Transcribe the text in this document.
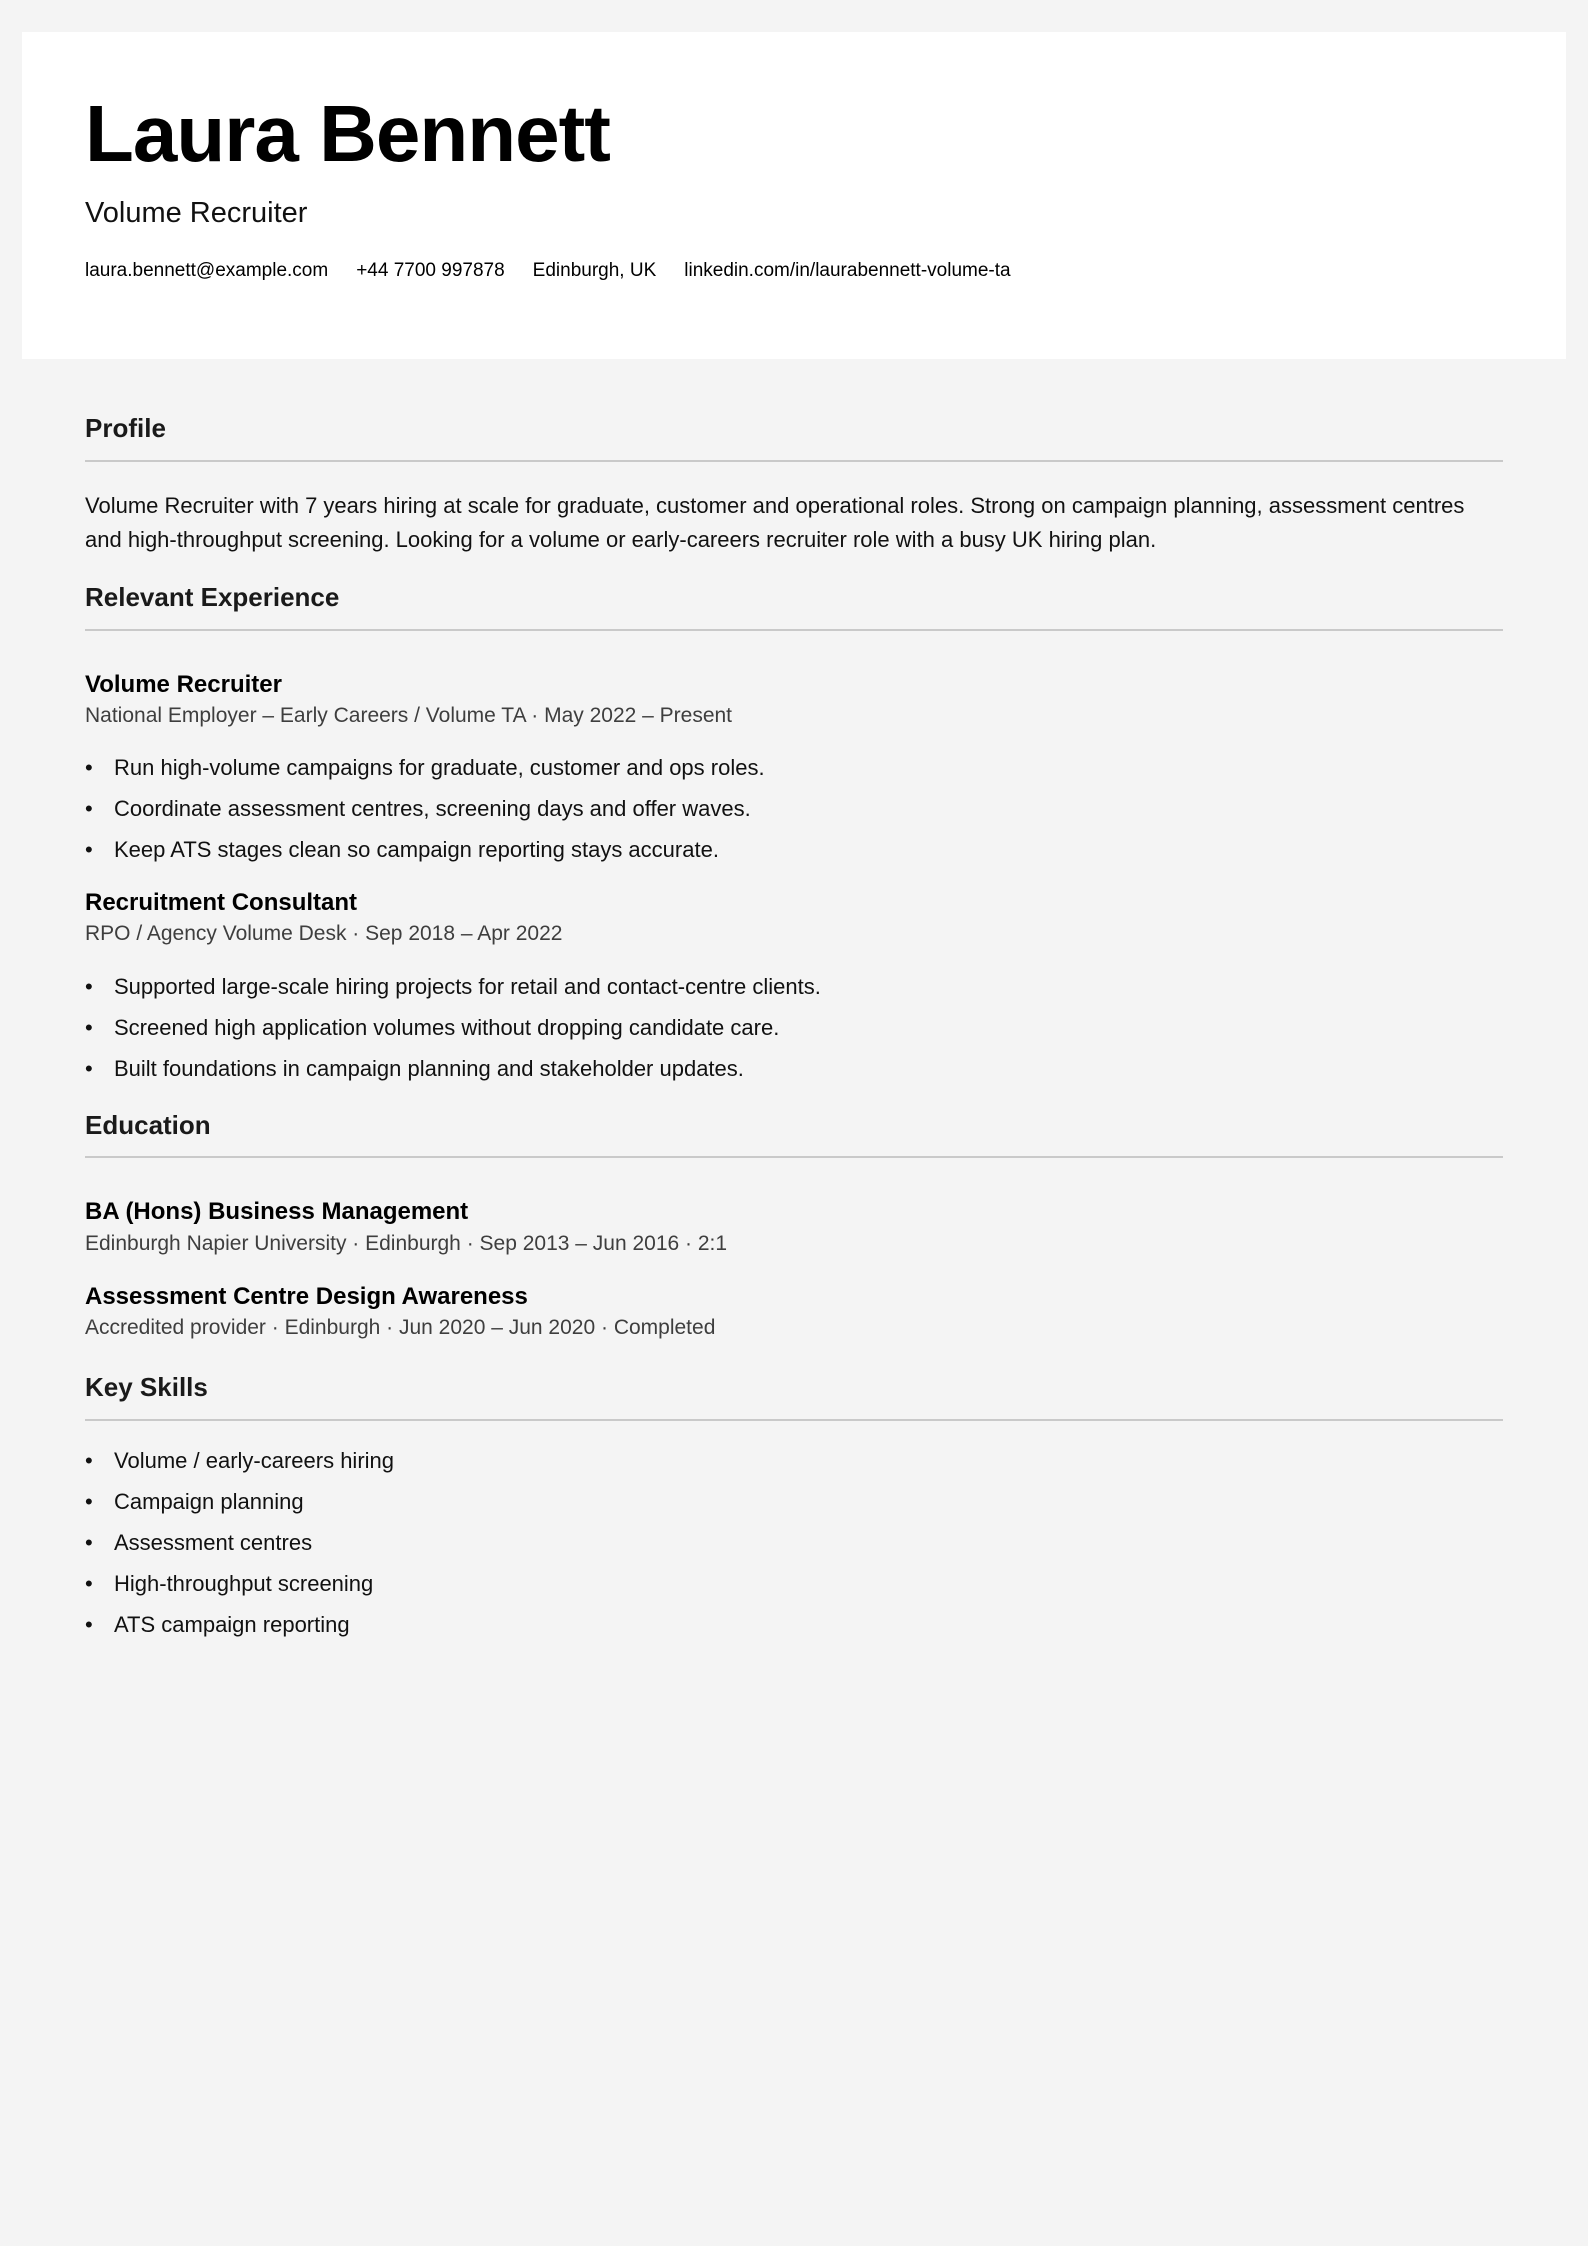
Laura Bennett
Volume Recruiter
laura.bennett@example.com +44 7700 997878 Edinburgh, UK linkedin.com/in/laurabennett-volume-ta
Profile

Volume Recruiter with 7 years hiring at scale for graduate, customer and operational roles. Strong on campaign planning, assessment centres and high-throughput screening. Looking for a volume or early-careers recruiter role with a busy UK hiring plan.

Relevant Experience
Volume Recruiter

National Employer – Early Careers / Volume TA · May 2022 – Present

• Run high-volume campaigns for graduate, customer and ops roles.
• Coordinate assessment centres, screening days and offer waves.
• Keep ATS stages clean so campaign reporting stays accurate.
Recruitment Consultant

RPO / Agency Volume Desk · Sep 2018 – Apr 2022

• Supported large-scale hiring projects for retail and contact-centre clients.
• Screened high application volumes without dropping candidate care.
• Built foundations in campaign planning and stakeholder updates.
Education
BA (Hons) Business Management

Edinburgh Napier University · Edinburgh · Sep 2013 – Jun 2016 · 2:1

Assessment Centre Design Awareness

Accredited provider · Edinburgh · Jun 2020 – Jun 2020 · Completed

Key Skills
• Volume / early-careers hiring
• Campaign planning
• Assessment centres
• High-throughput screening
• ATS campaign reporting
